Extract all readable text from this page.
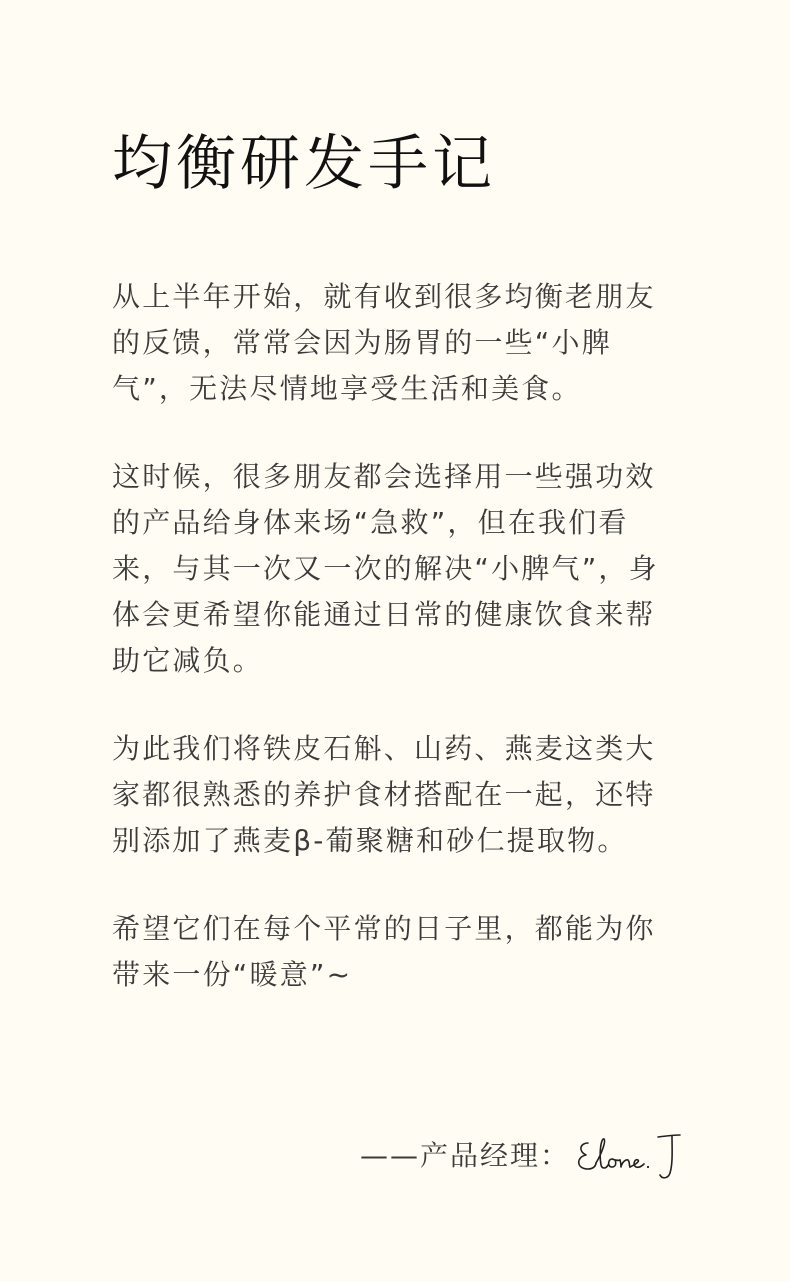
均衡研发手记

从上半年开始，就有收到很多均衡老朋友的反馈，常常会因为肠胃的一些“小脾气”，无法尽情地享受生活和美食。

这时候，很多朋友都会选择用一些强功效的产品给身体来场“急救”，但在我们看来，与其一次又一次的解决“小脾气”，身体会更希望你能通过日常的健康饮食来帮助它减负。

为此我们将铁皮石斛、山药、燕麦这类大家都很熟悉的养护食材搭配在一起，还特别添加了燕麦β-葡聚糖和砂仁提取物。

希望它们在每个平常的日子里，都能为你带来一份“暖意”~

——产品经理：
